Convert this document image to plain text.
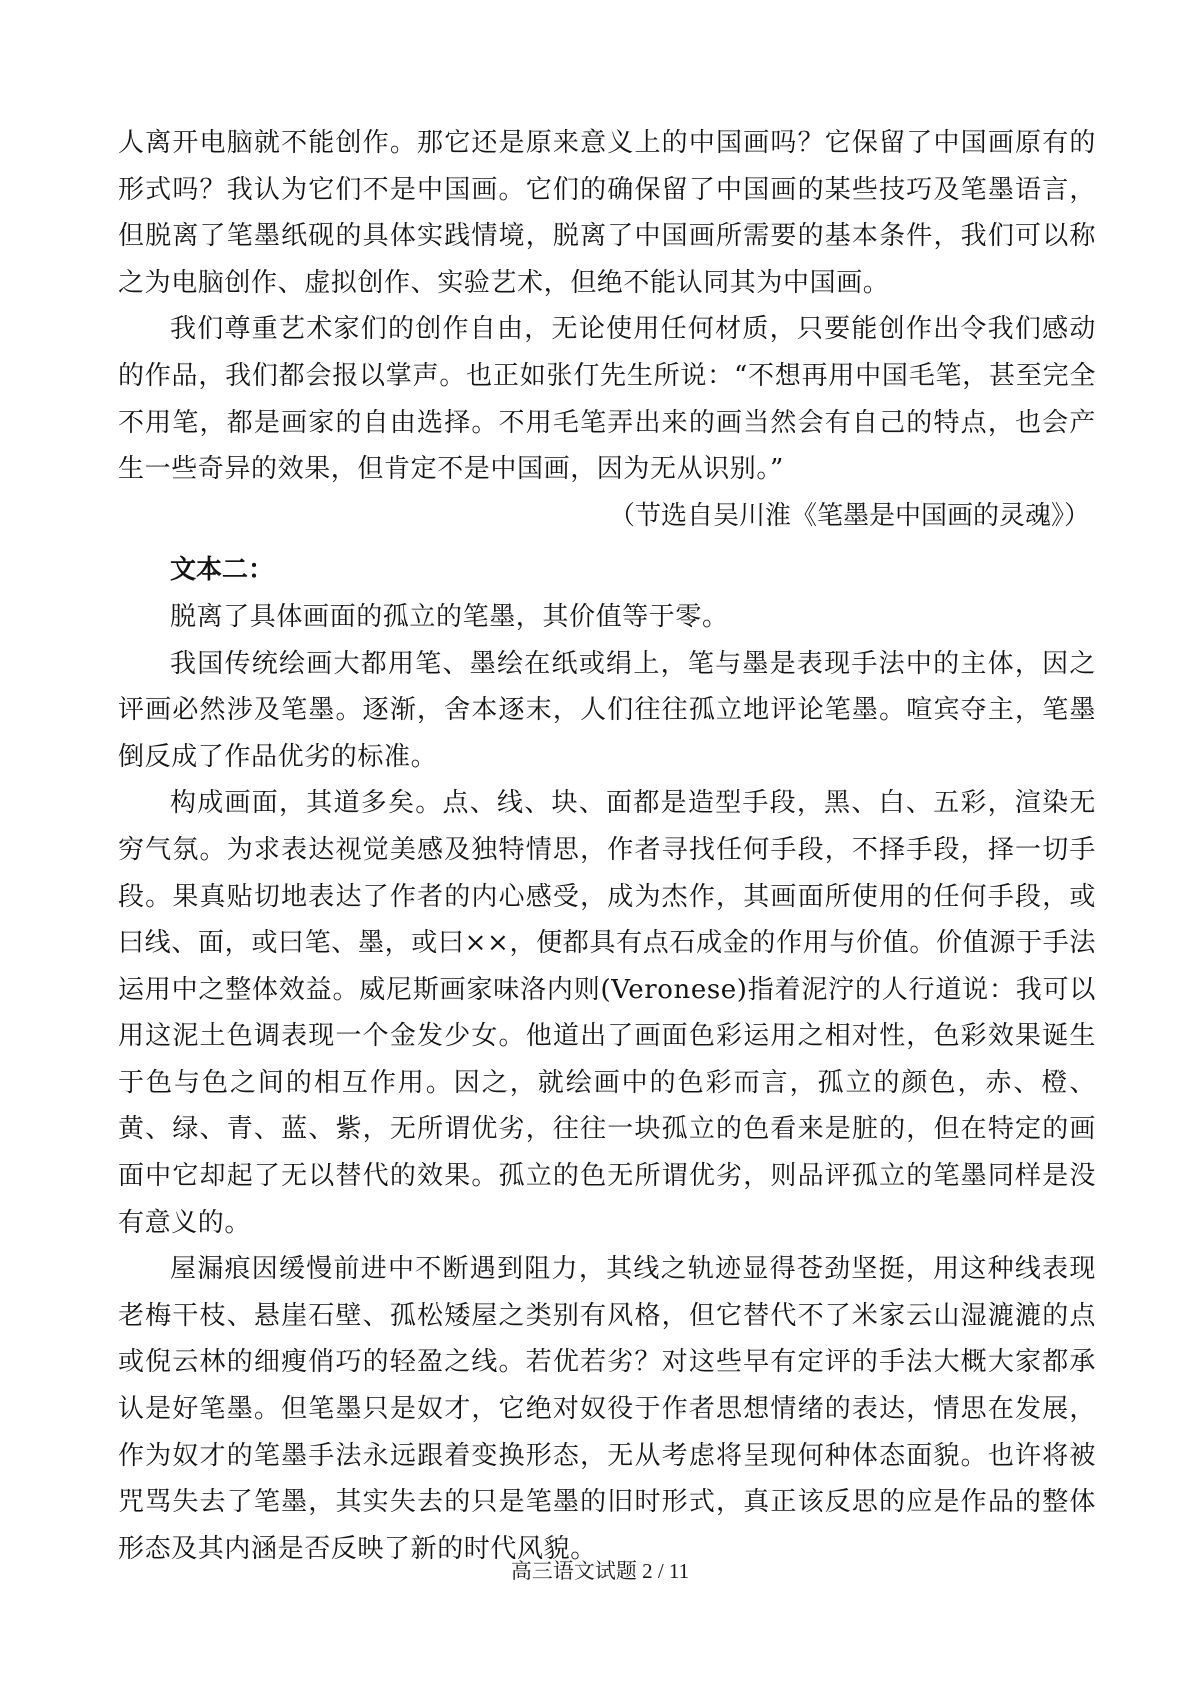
人离开电脑就不能创作。那它还是原来意义上的中国画吗？它保留了中国画原有的形式吗？我认为它们不是中国画。它们的确保留了中国画的某些技巧及笔墨语言，但脱离了笔墨纸砚的具体实践情境，脱离了中国画所需要的基本条件，我们可以称之为电脑创作、虚拟创作、实验艺术，但绝不能认同其为中国画。

我们尊重艺术家们的创作自由，无论使用任何材质，只要能创作出令我们感动的作品，我们都会报以掌声。也正如张仃先生所说：“不想再用中国毛笔，甚至完全不用笔，都是画家的自由选择。不用毛笔弄出来的画当然会有自己的特点，也会产生一些奇异的效果，但肯定不是中国画，因为无从识别。”

（节选自吴川淮《笔墨是中国画的灵魂》）

文本二：

脱离了具体画面的孤立的笔墨，其价值等于零。

我国传统绘画大都用笔、墨绘在纸或绢上，笔与墨是表现手法中的主体，因之评画必然涉及笔墨。逐渐，舍本逐末，人们往往孤立地评论笔墨。喧宾夺主，笔墨倒反成了作品优劣的标准。

构成画面，其道多矣。点、线、块、面都是造型手段，黑、白、五彩，渲染无穷气氛。为求表达视觉美感及独特情思，作者寻找任何手段，不择手段，择一切手段。果真贴切地表达了作者的内心感受，成为杰作，其画面所使用的任何手段，或曰线、面，或曰笔、墨，或曰××，便都具有点石成金的作用与价值。价值源于手法运用中之整体效益。威尼斯画家味洛内则(Veronese)指着泥泞的人行道说：我可以用这泥土色调表现一个金发少女。他道出了画面色彩运用之相对性，色彩效果诞生于色与色之间的相互作用。因之，就绘画中的色彩而言，孤立的颜色，赤、橙、黄、绿、青、蓝、紫，无所谓优劣，往往一块孤立的色看来是脏的，但在特定的画面中它却起了无以替代的效果。孤立的色无所谓优劣，则品评孤立的笔墨同样是没有意义的。

屋漏痕因缓慢前进中不断遇到阻力，其线之轨迹显得苍劲坚挺，用这种线表现老梅干枝、悬崖石壁、孤松矮屋之类别有风格，但它替代不了米家云山湿漉漉的点或倪云林的细瘦俏巧的轻盈之线。若优若劣？对这些早有定评的手法大概大家都承认是好笔墨。但笔墨只是奴才，它绝对奴役于作者思想情绪的表达，情思在发展，作为奴才的笔墨手法永远跟着变换形态，无从考虑将呈现何种体态面貌。也许将被咒骂失去了笔墨，其实失去的只是笔墨的旧时形式，真正该反思的应是作品的整体形态及其内涵是否反映了新的时代风貌。

高三语文试题 2 / 11
